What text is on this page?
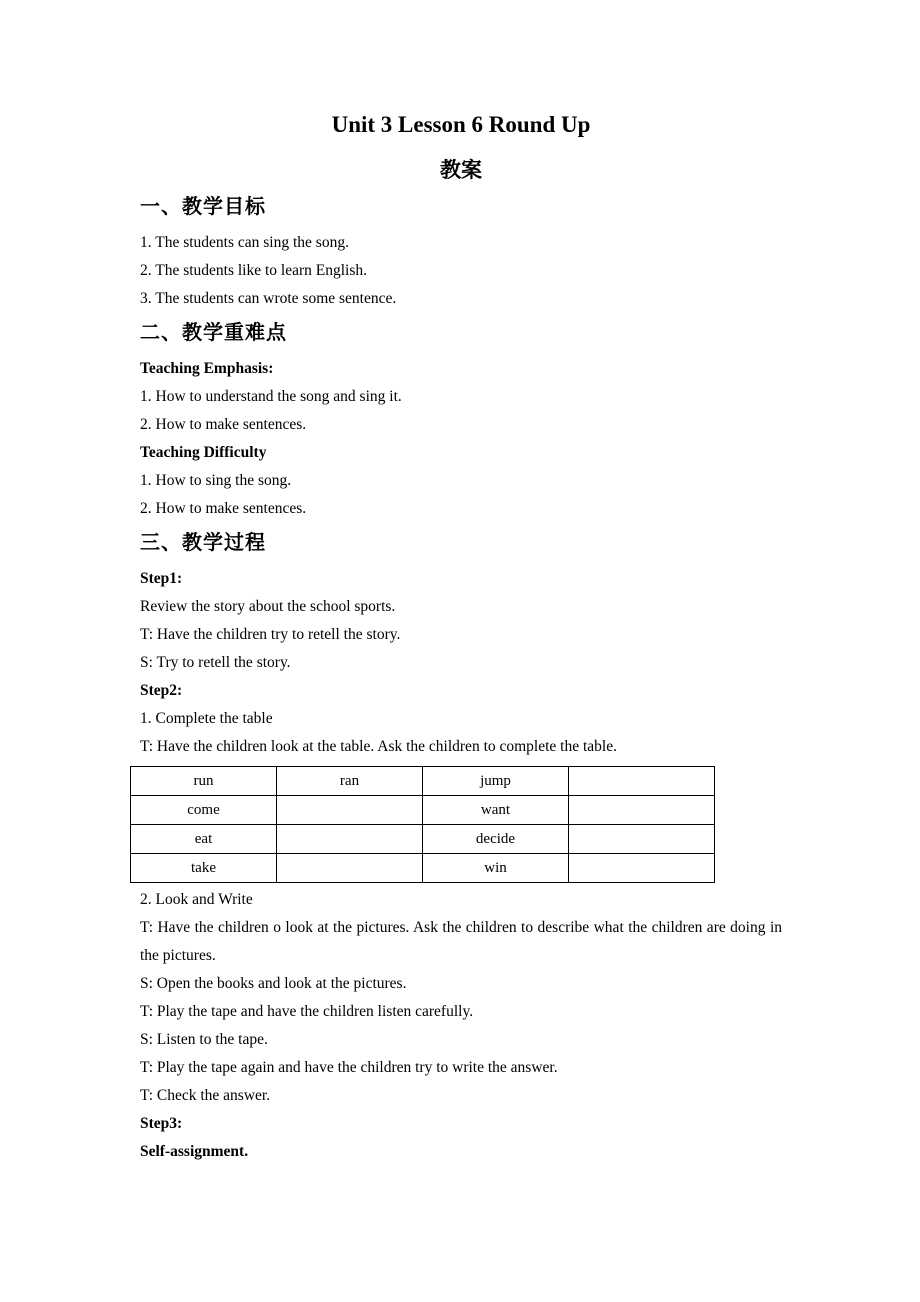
Unit 3 Lesson 6 Round Up
教案
一、教学目标

1. The students can sing the song.

2. The students like to learn English.

3. The students can wrote some sentence.

二、教学重难点

Teaching Emphasis:

1. How to understand the song and sing it.

2. How to make sentences.

Teaching Difficulty

1. How to sing the song.

2. How to make sentences.

三、教学过程

Step1:

Review the story about the school sports.

T: Have the children try to retell the story.

S: Try to retell the story.

Step2:

1. Complete the table

T: Have the children look at the table. Ask the children to complete the table.

run	ran	jump	
come		want	
eat		decide	
take		win	

2. Look and Write

T: Have the children o look at the pictures. Ask the children to describe what the children are doing in the pictures.

S: Open the books and look at the pictures.

T: Play the tape and have the children listen carefully.

S: Listen to the tape.

T: Play the tape again and have the children try to write the answer.

T: Check the answer.

Step3:

Self-assignment.
